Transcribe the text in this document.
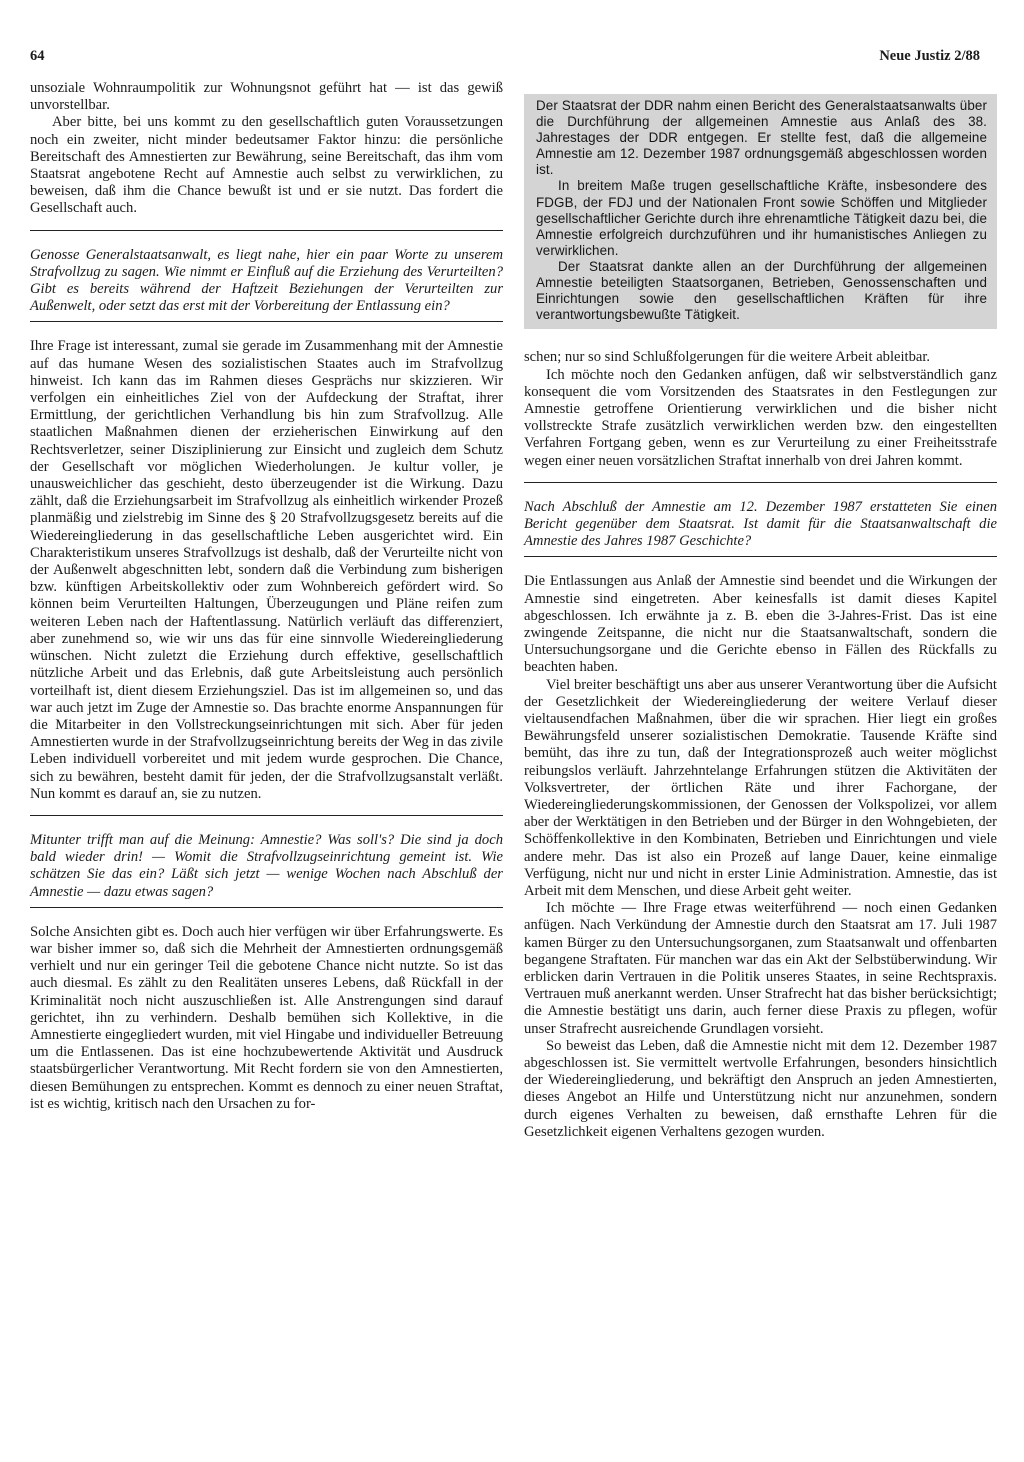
64	Neue Justiz 2/88

unsoziale Wohnraumpolitik zur Wohnungsnot geführt hat — ist das gewiß unvorstellbar.

Aber bitte, bei uns kommt zu den gesellschaftlich guten Voraussetzungen noch ein zweiter, nicht minder bedeutsamer Faktor hinzu: die persönliche Bereitschaft des Amnestierten zur Bewährung, seine Bereitschaft, das ihm vom Staatsrat angebotene Recht auf Amnestie auch selbst zu verwirklichen, zu beweisen, daß ihm die Chance bewußt ist und er sie nutzt. Das fordert die Gesellschaft auch.

Genosse Generalstaatsanwalt, es liegt nahe, hier ein paar Worte zu unserem Strafvollzug zu sagen. Wie nimmt er Einfluß auf die Erziehung des Verurteilten? Gibt es bereits während der Haftzeit Beziehungen der Verurteilten zur Außenwelt, oder setzt das erst mit der Vorbereitung der Entlassung ein?

Ihre Frage ist interessant, zumal sie gerade im Zusammenhang mit der Amnestie auf das humane Wesen des sozialistischen Staates auch im Strafvollzug hinweist. Ich kann das im Rahmen dieses Gesprächs nur skizzieren. Wir verfolgen ein einheitliches Ziel von der Aufdeckung der Straftat, ihrer Ermittlung, der gerichtlichen Verhandlung bis hin zum Strafvollzug. Alle staatlichen Maßnahmen dienen der erzieherischen Einwirkung auf den Rechtsverletzer, seiner Disziplinierung zur Einsicht und zugleich dem Schutz der Gesellschaft vor möglichen Wiederholungen. Je kultur voller, je unausweichlicher das geschieht, desto überzeugender ist die Wirkung. Dazu zählt, daß die Erziehungsarbeit im Strafvollzug als einheitlich wirkender Prozeß planmäßig und zielstrebig im Sinne des § 20 Strafvollzugsgesetz bereits auf die Wiedereingliederung in das gesellschaftliche Leben ausgerichtet wird. Ein Charakteristikum unseres Strafvollzugs ist deshalb, daß der Verurteilte nicht von der Außenwelt abgeschnitten lebt, sondern daß die Verbindung zum bisherigen bzw. künftigen Arbeitskollektiv oder zum Wohnbereich gefördert wird. So können beim Verurteilten Haltungen, Überzeugungen und Pläne reifen zum weiteren Leben nach der Haftentlassung. Natürlich verläuft das differenziert, aber zunehmend so, wie wir uns das für eine sinnvolle Wiedereingliederung wünschen. Nicht zuletzt die Erziehung durch effektive, gesellschaftlich nützliche Arbeit und das Erlebnis, daß gute Arbeitsleistung auch persönlich vorteilhaft ist, dient diesem Erziehungsziel. Das ist im allgemeinen so, und das war auch jetzt im Zuge der Amnestie so. Das brachte enorme Anspannungen für die Mitarbeiter in den Vollstreckungseinrichtungen mit sich. Aber für jeden Amnestierten wurde in der Strafvollzugseinrichtung bereits der Weg in das zivile Leben individuell vorbereitet und mit jedem wurde gesprochen. Die Chance, sich zu bewähren, besteht damit für jeden, der die Strafvollzugsanstalt verläßt. Nun kommt es darauf an, sie zu nutzen.

Mitunter trifft man auf die Meinung: Amnestie? Was soll's? Die sind ja doch bald wieder drin! — Womit die Strafvollzugseinrichtung gemeint ist. Wie schätzen Sie das ein? Läßt sich jetzt — wenige Wochen nach Abschluß der Amnestie — dazu etwas sagen?

Solche Ansichten gibt es. Doch auch hier verfügen wir über Erfahrungswerte. Es war bisher immer so, daß sich die Mehrheit der Amnestierten ordnungsgemäß verhielt und nur ein geringer Teil die gebotene Chance nicht nutzte. So ist das auch diesmal. Es zählt zu den Realitäten unseres Lebens, daß Rückfall in der Kriminalität noch nicht auszuschließen ist. Alle Anstrengungen sind darauf gerichtet, ihn zu verhindern. Deshalb bemühen sich Kollektive, in die Amnestierte eingegliedert wurden, mit viel Hingabe und individueller Betreuung um die Entlassenen. Das ist eine hochzubewertende Aktivität und Ausdruck staatsbürgerlicher Verantwortung. Mit Recht fordern sie von den Amnestierten, diesen Bemühungen zu entsprechen. Kommt es dennoch zu einer neuen Straftat, ist es wichtig, kritisch nach den Ursachen zu for-

Der Staatsrat der DDR nahm einen Bericht des Generalstaatsanwalts über die Durchführung der allgemeinen Amnestie aus Anlaß des 38. Jahrestages der DDR entgegen. Er stellte fest, daß die allgemeine Amnestie am 12. Dezember 1987 ordnungsgemäß abgeschlossen worden ist.

In breitem Maße trugen gesellschaftliche Kräfte, insbesondere des FDGB, der FDJ und der Nationalen Front sowie Schöffen und Mitglieder gesellschaftlicher Gerichte durch ihre ehrenamtliche Tätigkeit dazu bei, die Amnestie erfolgreich durchzuführen und ihr humanistisches Anliegen zu verwirklichen.

Der Staatsrat dankte allen an der Durchführung der allgemeinen Amnestie beteiligten Staatsorganen, Betrieben, Genossenschaften und Einrichtungen sowie den gesellschaftlichen Kräften für ihre verantwortungsbewußte Tätigkeit.

schen; nur so sind Schlußfolgerungen für die weitere Arbeit ableitbar.

Ich möchte noch den Gedanken anfügen, daß wir selbstverständlich ganz konsequent die vom Vorsitzenden des Staatsrates in den Festlegungen zur Amnestie getroffene Orientierung verwirklichen und die bisher nicht vollstreckte Strafe zusätzlich verwirklichen werden bzw. den eingestellten Verfahren Fortgang geben, wenn es zur Verurteilung zu einer Freiheitsstrafe wegen einer neuen vorsätzlichen Straftat innerhalb von drei Jahren kommt.

Nach Abschluß der Amnestie am 12. Dezember 1987 erstatteten Sie einen Bericht gegenüber dem Staatsrat. Ist damit für die Staatsanwaltschaft die Amnestie des Jahres 1987 Geschichte?

Die Entlassungen aus Anlaß der Amnestie sind beendet und die Wirkungen der Amnestie sind eingetreten. Aber keinesfalls ist damit dieses Kapitel abgeschlossen. Ich erwähnte ja z. B. eben die 3-Jahres-Frist. Das ist eine zwingende Zeitspanne, die nicht nur die Staatsanwaltschaft, sondern die Untersuchungsorgane und die Gerichte ebenso in Fällen des Rückfalls zu beachten haben.

Viel breiter beschäftigt uns aber aus unserer Verantwortung über die Aufsicht der Gesetzlichkeit der Wiedereingliederung der weitere Verlauf dieser vieltausendfachen Maßnahmen, über die wir sprachen. Hier liegt ein großes Bewährungsfeld unserer sozialistischen Demokratie. Tausende Kräfte sind bemüht, das ihre zu tun, daß der Integrationsprozeß auch weiter möglichst reibungslos verläuft. Jahrzehntelange Erfahrungen stützen die Aktivitäten der Volksvertreter, der örtlichen Räte und ihrer Fachorgane, der Wiedereingliederungskommissionen, der Genossen der Volkspolizei, vor allem aber der Werktätigen in den Betrieben und der Bürger in den Wohngebieten, der Schöffenkollektive in den Kombinaten, Betrieben und Einrichtungen und viele andere mehr. Das ist also ein Prozeß auf lange Dauer, keine einmalige Verfügung, nicht nur und nicht in erster Linie Administration. Amnestie, das ist Arbeit mit dem Menschen, und diese Arbeit geht weiter.

Ich möchte — Ihre Frage etwas weiterführend — noch einen Gedanken anfügen. Nach Verkündung der Amnestie durch den Staatsrat am 17. Juli 1987 kamen Bürger zu den Untersuchungsorganen, zum Staatsanwalt und offenbarten begangene Straftaten. Für manchen war das ein Akt der Selbstüberwindung. Wir erblicken darin Vertrauen in die Politik unseres Staates, in seine Rechtspraxis. Vertrauen muß anerkannt werden. Unser Strafrecht hat das bisher berücksichtigt; die Amnestie bestätigt uns darin, auch ferner diese Praxis zu pflegen, wofür unser Strafrecht ausreichende Grundlagen vorsieht.

So beweist das Leben, daß die Amnestie nicht mit dem 12. Dezember 1987 abgeschlossen ist. Sie vermittelt wertvolle Erfahrungen, besonders hinsichtlich der Wiedereingliederung, und bekräftigt den Anspruch an jeden Amnestierten, dieses Angebot an Hilfe und Unterstützung nicht nur anzunehmen, sondern durch eigenes Verhalten zu beweisen, daß ernsthafte Lehren für die Gesetzlichkeit eigenen Verhaltens gezogen wurden.
